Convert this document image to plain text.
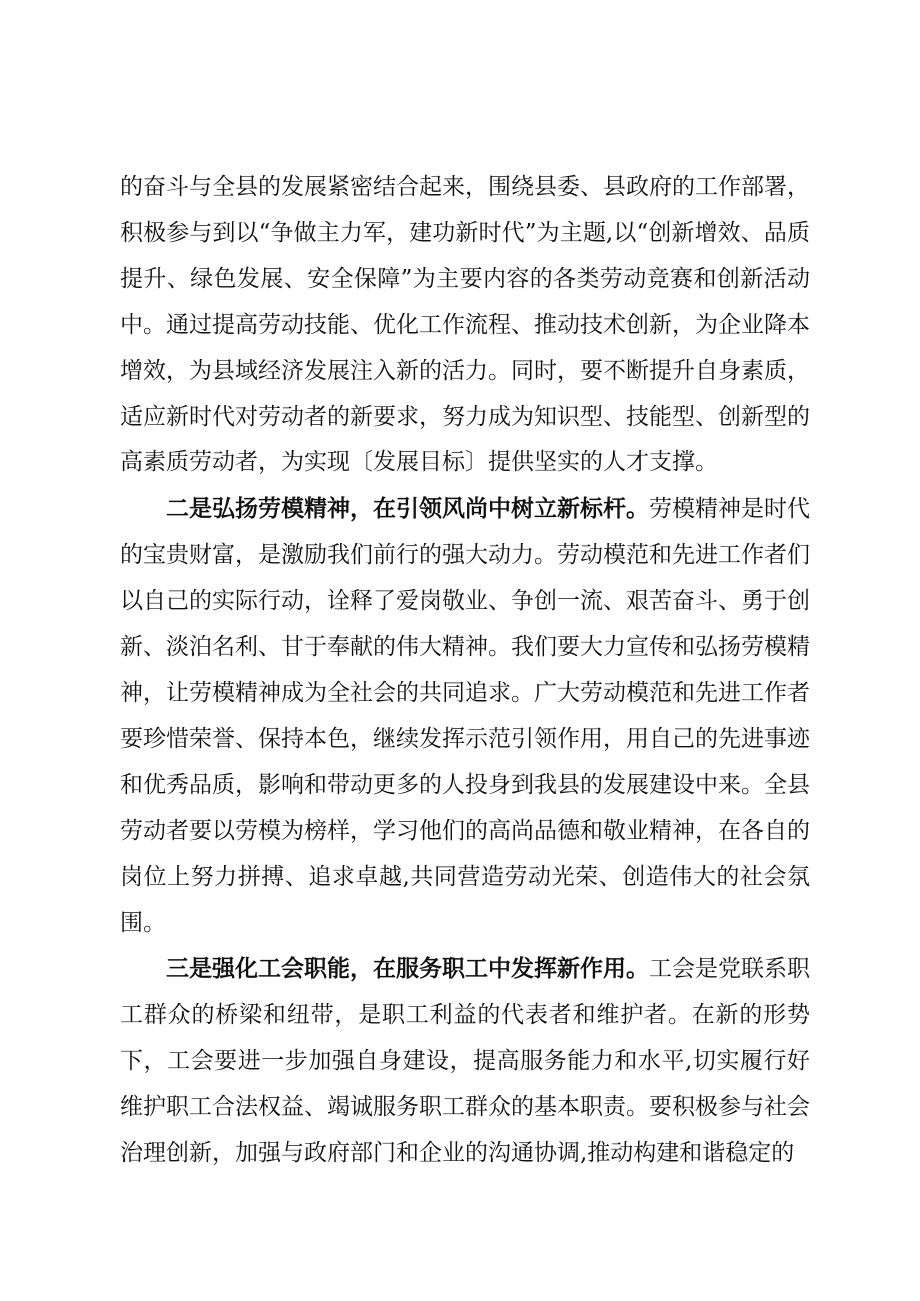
的奋斗与全县的发展紧密结合起来，围绕县委、县政府的工作部署，积极参与到以“争做主力军，建功新时代”为主题,以“创新增效、品质提升、绿色发展、安全保障”为主要内容的各类劳动竞赛和创新活动中。通过提高劳动技能、优化工作流程、推动技术创新，为企业降本增效，为县域经济发展注入新的活力。同时，要不断提升自身素质，适应新时代对劳动者的新要求，努力成为知识型、技能型、创新型的高素质劳动者，为实现〔发展目标〕提供坚实的人才支撑。

二是弘扬劳模精神，在引领风尚中树立新标杆。劳模精神是时代的宝贵财富，是激励我们前行的强大动力。劳动模范和先进工作者们以自己的实际行动，诠释了爱岗敬业、争创一流、艰苦奋斗、勇于创新、淡泊名利、甘于奉献的伟大精神。我们要大力宣传和弘扬劳模精神，让劳模精神成为全社会的共同追求。广大劳动模范和先进工作者要珍惜荣誉、保持本色，继续发挥示范引领作用，用自己的先进事迹和优秀品质，影响和带动更多的人投身到我县的发展建设中来。全县劳动者要以劳模为榜样，学习他们的高尚品德和敬业精神，在各自的岗位上努力拼搏、追求卓越,共同营造劳动光荣、创造伟大的社会氛围。

三是强化工会职能，在服务职工中发挥新作用。工会是党联系职工群众的桥梁和纽带，是职工利益的代表者和维护者。在新的形势下，工会要进一步加强自身建设，提高服务能力和水平,切实履行好维护职工合法权益、竭诚服务职工群众的基本职责。要积极参与社会治理创新，加强与政府部门和企业的沟通协调,推动构建和谐稳定的
